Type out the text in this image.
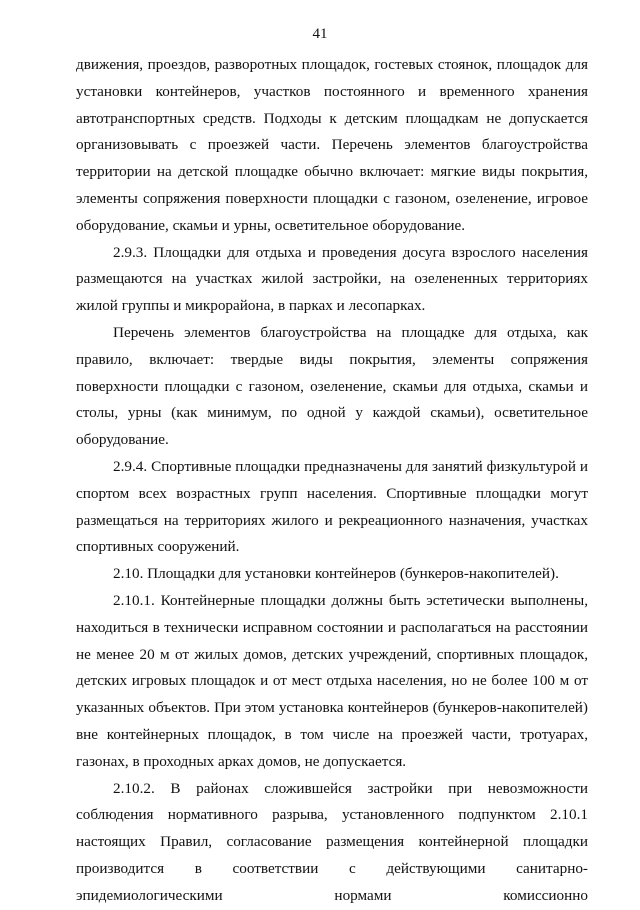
41

движения, проездов, разворотных площадок, гостевых стоянок, площадок для установки контейнеров, участков постоянного и временного хранения автотранспортных средств. Подходы к детским площадкам не допускается организовывать с проезжей части. Перечень элементов благоустройства территории на детской площадке обычно включает: мягкие виды покрытия, элементы сопряжения поверхности площадки с газоном, озеленение, игровое оборудование, скамьи и урны, осветительное оборудование.

2.9.3. Площадки для отдыха и проведения досуга взрослого населения размещаются на участках жилой застройки, на озелененных территориях жилой группы и микрорайона, в парках и лесопарках.

Перечень элементов благоустройства на площадке для отдыха, как правило, включает: твердые виды покрытия, элементы сопряжения поверхности площадки с газоном, озеленение, скамьи для отдыха, скамьи и столы, урны (как минимум, по одной у каждой скамьи), осветительное оборудование.

2.9.4. Спортивные площадки предназначены для занятий физкультурой и спортом всех возрастных групп населения. Спортивные площадки могут размещаться на территориях жилого и рекреационного назначения, участках спортивных сооружений.

2.10. Площадки для установки контейнеров (бункеров-накопителей).

2.10.1. Контейнерные площадки должны быть эстетически выполнены, находиться в технически исправном состоянии и располагаться на расстоянии не менее 20 м от жилых домов, детских учреждений, спортивных площадок, детских игровых площадок и от мест отдыха населения, но не более 100 м от указанных объектов. При этом установка контейнеров (бункеров-накопителей) вне контейнерных площадок, в том числе на проезжей части, тротуарах, газонах, в проходных арках домов, не допускается.

2.10.2. В районах сложившейся застройки при невозможности соблюдения нормативного разрыва, установленного подпунктом 2.10.1 настоящих Правил, согласование размещения контейнерной площадки производится в соответствии с действующими санитарно-эпидемиологическими нормами комиссионно
